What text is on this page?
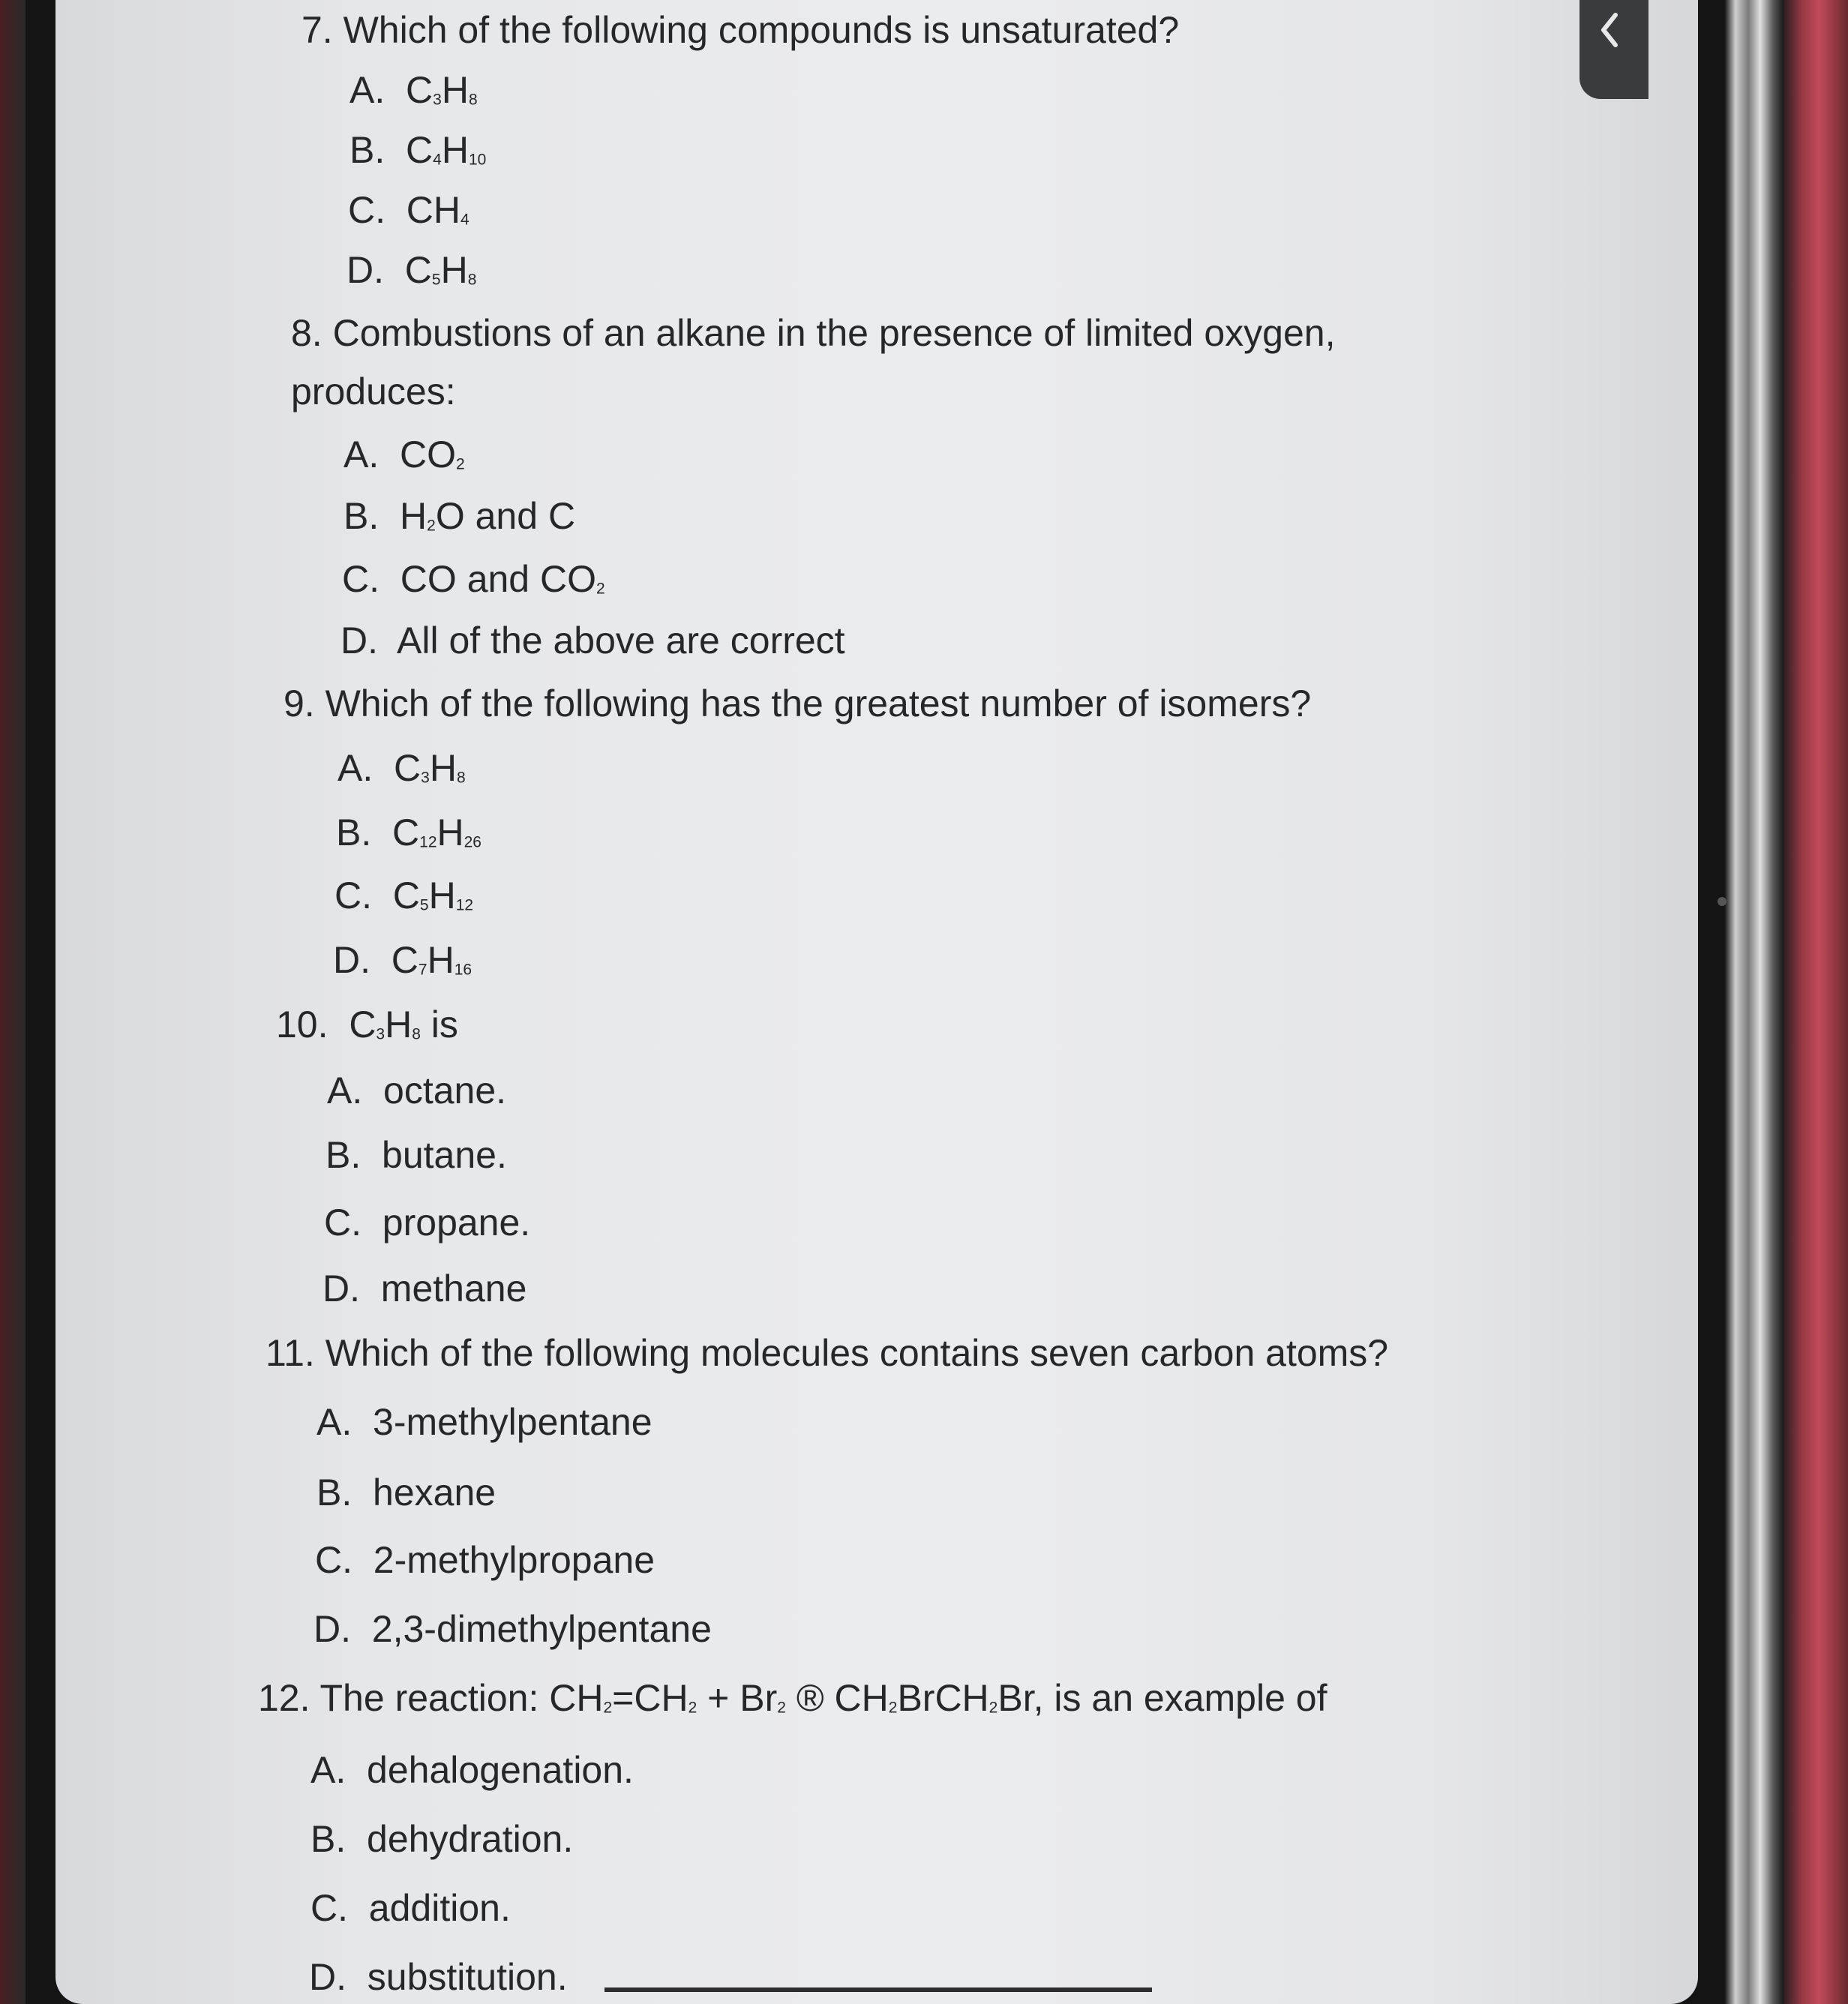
7. Which of the following compounds is unsaturated?
A. $C_3H_8$
B. $C_4H_{10}$
C. $CH_4$
D. $C_5H_8$
8. Combustions of an alkane in the presence of limited oxygen,
produces:
A. $CO_2$
B. $H_2O$ and C
C. CO and $CO_2$
D. All of the above are correct
9. Which of the following has the greatest number of isomers?
A. $C_3H_8$
B. $C_{12}H_{26}$
C. $C_5H_{12}$
D. $C_7H_{16}$
10. $C_3H_8$ is
A. octane.
B. butane.
C. propane.
D. methane
11. Which of the following molecules contains seven carbon atoms?
A. 3-methylpentane
B. hexane
C. 2-methylpropane
D. 2,3-dimethylpentane
12. The reaction: $CH_2=CH_2 + Br_2$ ® $CH_2BrCH_2Br$, is an example of
A. dehalogenation.
B. dehydration.
C. addition.
D. substitution.
